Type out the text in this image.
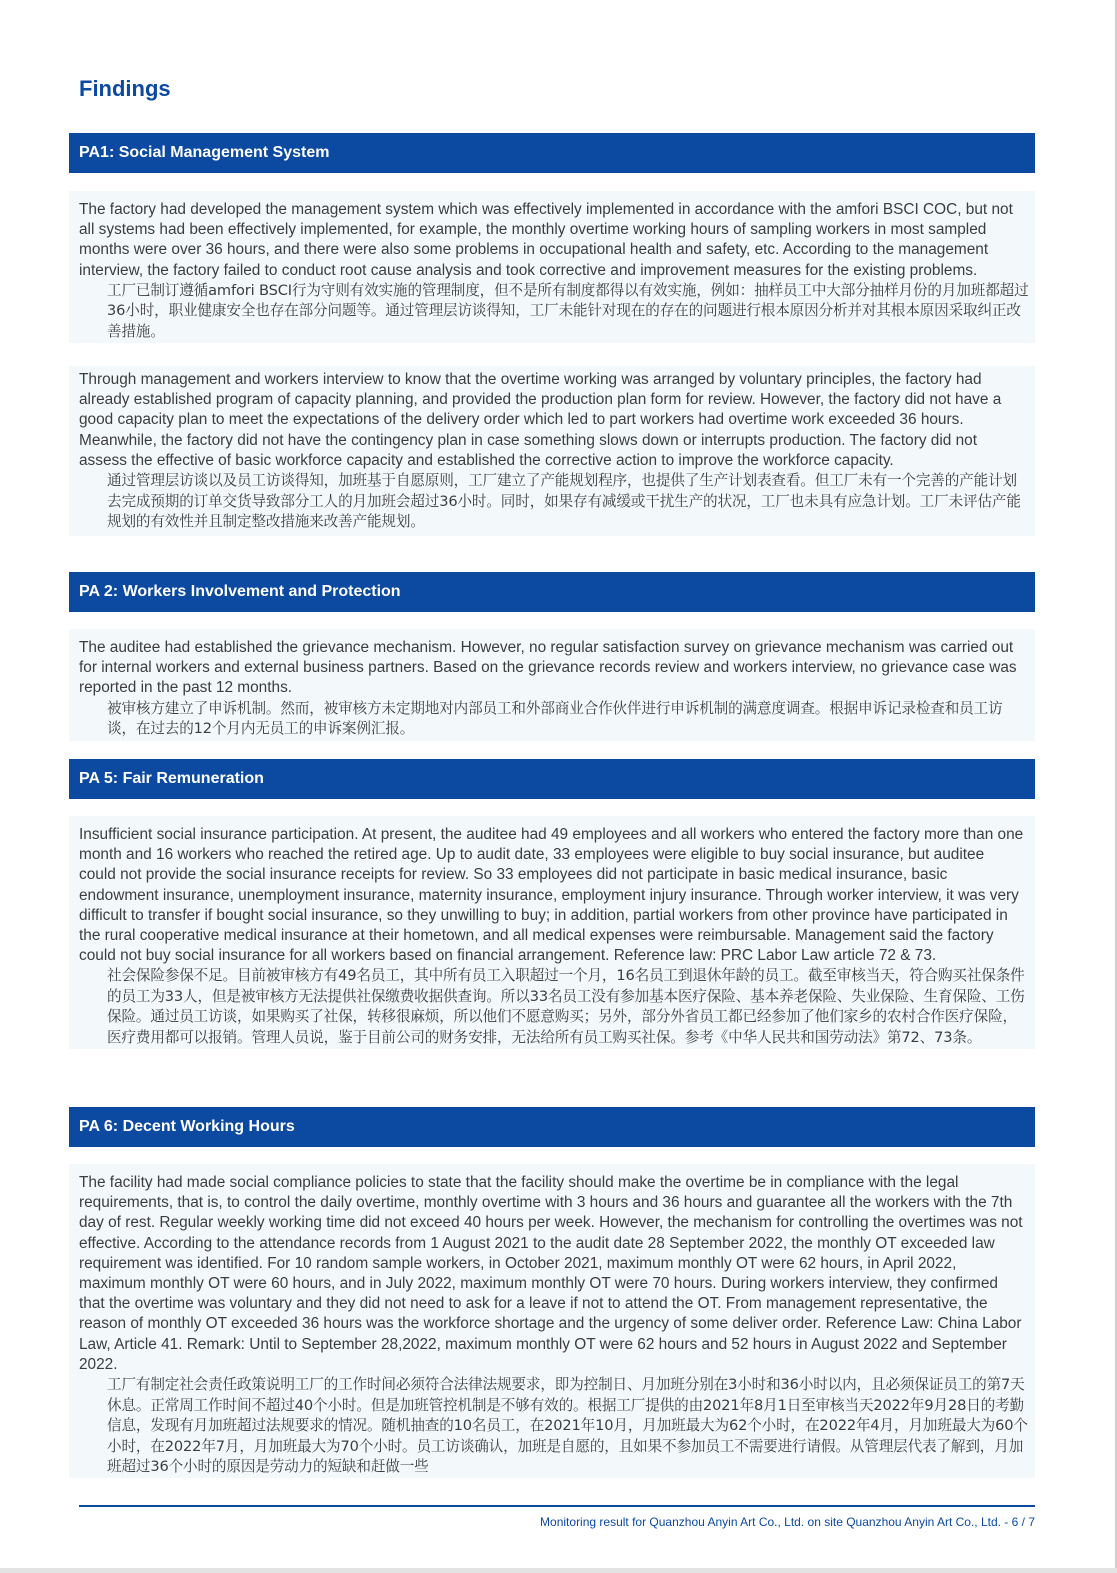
Findings
PA1: Social Management System

The factory had developed the management system which was effectively implemented in accordance with the amfori BSCI COC, but not all systems had been effectively implemented, for example, the monthly overtime working hours of sampling workers in most sampled months were over 36 hours, and there were also some problems in occupational health and safety, etc. According to the management interview, the factory failed to conduct root cause analysis and took corrective and improvement measures for the existing problems.

工厂已制订遵循amfori BSCI行为守则有效实施的管理制度，但不是所有制度都得以有效实施，例如：抽样员工中大部分抽样月份的月加班都超过36小时，职业健康安全也存在部分问题等。通过管理层访谈得知，工厂未能针对现在的存在的问题进行根本原因分析并对其根本原因采取纠正改善措施。

Through management and workers interview to know that the overtime working was arranged by voluntary principles, the factory had already established program of capacity planning, and provided the production plan form for review. However, the factory did not have a good capacity plan to meet the expectations of the delivery order which led to part workers had overtime work exceeded 36 hours. Meanwhile, the factory did not have the contingency plan in case something slows down or interrupts production. The factory did not assess the effective of basic workforce capacity and established the corrective action to improve the workforce capacity.

通过管理层访谈以及员工访谈得知，加班基于自愿原则，工厂建立了产能规划程序，也提供了生产计划表查看。但工厂未有一个完善的产能计划去完成预期的订单交货导致部分工人的月加班会超过36小时。同时，如果存有减缓或干扰生产的状况，工厂也未具有应急计划。工厂未评估产能规划的有效性并且制定整改措施来改善产能规划。

PA 2: Workers Involvement and Protection

The auditee had established the grievance mechanism. However, no regular satisfaction survey on grievance mechanism was carried out for internal workers and external business partners. Based on the grievance records review and workers interview, no grievance case was reported in the past 12 months.

被审核方建立了申诉机制。然而，被审核方未定期地对内部员工和外部商业合作伙伴进行申诉机制的满意度调查。根据申诉记录检查和员工访谈，在过去的12个月内无员工的申诉案例汇报。

PA 5: Fair Remuneration

Insufficient social insurance participation. At present, the auditee had 49 employees and all workers who entered the factory more than one month and 16 workers who reached the retired age. Up to audit date, 33 employees were eligible to buy social insurance, but auditee could not provide the social insurance receipts for review. So 33 employees did not participate in basic medical insurance, basic endowment insurance, unemployment insurance, maternity insurance, employment injury insurance. Through worker interview, it was very difficult to transfer if bought social insurance, so they unwilling to buy; in addition, partial workers from other province have participated in the rural cooperative medical insurance at their hometown, and all medical expenses were reimbursable. Management said the factory could not buy social insurance for all workers based on financial arrangement. Reference law: PRC Labor Law article 72 & 73.

社会保险参保不足。目前被审核方有49名员工，其中所有员工入职超过一个月，16名员工到退休年龄的员工。截至审核当天，符合购买社保条件的员工为33人，但是被审核方无法提供社保缴费收据供查询。所以33名员工没有参加基本医疗保险、基本养老保险、失业保险、生育保险、工伤保险。通过员工访谈，如果购买了社保，转移很麻烦，所以他们不愿意购买；另外，部分外省员工都已经参加了他们家乡的农村合作医疗保险，医疗费用都可以报销。管理人员说，鉴于目前公司的财务安排，无法给所有员工购买社保。参考《中华人民共和国劳动法》第72、73条。

PA 6: Decent Working Hours

The facility had made social compliance policies to state that the facility should make the overtime be in compliance with the legal requirements, that is, to control the daily overtime, monthly overtime with 3 hours and 36 hours and guarantee all the workers with the 7th day of rest. Regular weekly working time did not exceed 40 hours per week. However, the mechanism for controlling the overtimes was not effective. According to the attendance records from 1 August 2021 to the audit date 28 September 2022, the monthly OT exceeded law requirement was identified. For 10 random sample workers, in October 2021, maximum monthly OT were 62 hours, in April 2022, maximum monthly OT were 60 hours, and in July 2022, maximum monthly OT were 70 hours. During workers interview, they confirmed that the overtime was voluntary and they did not need to ask for a leave if not to attend the OT. From management representative, the reason of monthly OT exceeded 36 hours was the workforce shortage and the urgency of some deliver order. Reference Law: China Labor Law, Article 41. Remark: Until to September 28,2022, maximum monthly OT were 62 hours and 52 hours in August 2022 and September 2022.

工厂有制定社会责任政策说明工厂的工作时间必须符合法律法规要求，即为控制日、月加班分别在3小时和36小时以内，且必须保证员工的第7天休息。正常周工作时间不超过40个小时。但是加班管控机制是不够有效的。根据工厂提供的由2021年8月1日至审核当天2022年9月28日的考勤信息，发现有月加班超过法规要求的情况。随机抽查的10名员工，在2021年10月，月加班最大为62个小时，在2022年4月，月加班最大为60个小时，在2022年7月，月加班最大为70个小时。员工访谈确认，加班是自愿的，且如果不参加员工不需要进行请假。从管理层代表了解到，月加班超过36个小时的原因是劳动力的短缺和赶做一些

Monitoring result for Quanzhou Anyin Art Co., Ltd. on site Quanzhou Anyin Art Co., Ltd. - 6 / 7
